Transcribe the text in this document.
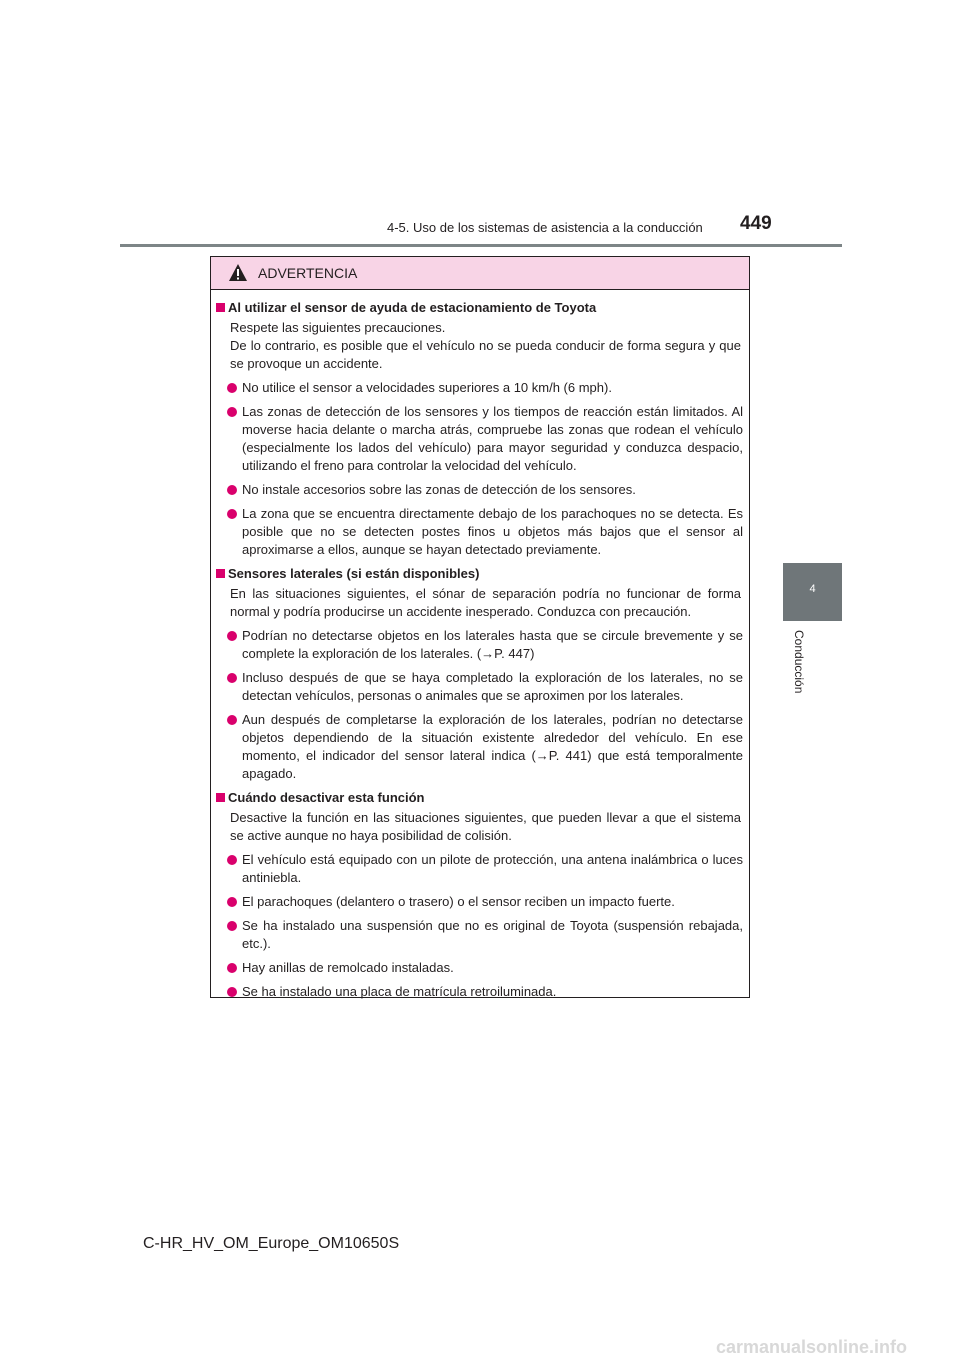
4-5. Uso de los sistemas de asistencia a la conducción 449
4
Conducción
ADVERTENCIA
Al utilizar el sensor de ayuda de estacionamiento de Toyota
Respete las siguientes precauciones.
De lo contrario, es posible que el vehículo no se pueda conducir de forma segura y que se provoque un accidente.
No utilice el sensor a velocidades superiores a 10 km/h (6 mph).
Las zonas de detección de los sensores y los tiempos de reacción están limitados. Al moverse hacia delante o marcha atrás, compruebe las zonas que rodean el vehículo (especialmente los lados del vehículo) para mayor seguridad y conduzca despacio, utilizando el freno para controlar la velocidad del vehículo.
No instale accesorios sobre las zonas de detección de los sensores.
La zona que se encuentra directamente debajo de los parachoques no se detecta. Es posible que no se detecten postes finos u objetos más bajos que el sensor al aproximarse a ellos, aunque se hayan detectado previamente.
Sensores laterales (si están disponibles)
En las situaciones siguientes, el sónar de separación podría no funcionar de forma normal y podría producirse un accidente inesperado. Conduzca con precaución.
Podrían no detectarse objetos en los laterales hasta que se circule brevemente y se complete la exploración de los laterales. (→P. 447)
Incluso después de que se haya completado la exploración de los laterales, no se detectan vehículos, personas o animales que se aproximen por los laterales.
Aun después de completarse la exploración de los laterales, podrían no detectarse objetos dependiendo de la situación existente alrededor del vehículo. En ese momento, el indicador del sensor lateral indica (→P. 441) que está temporalmente apagado.
Cuándo desactivar esta función
Desactive la función en las situaciones siguientes, que pueden llevar a que el sistema se active aunque no haya posibilidad de colisión.
El vehículo está equipado con un pilote de protección, una antena inalámbrica o luces antiniebla.
El parachoques (delantero o trasero) o el sensor reciben un impacto fuerte.
Se ha instalado una suspensión que no es original de Toyota (suspensión rebajada, etc.).
Hay anillas de remolcado instaladas.
Se ha instalado una placa de matrícula retroiluminada.
C-HR_HV_OM_Europe_OM10650S
carmanualsonline.info
